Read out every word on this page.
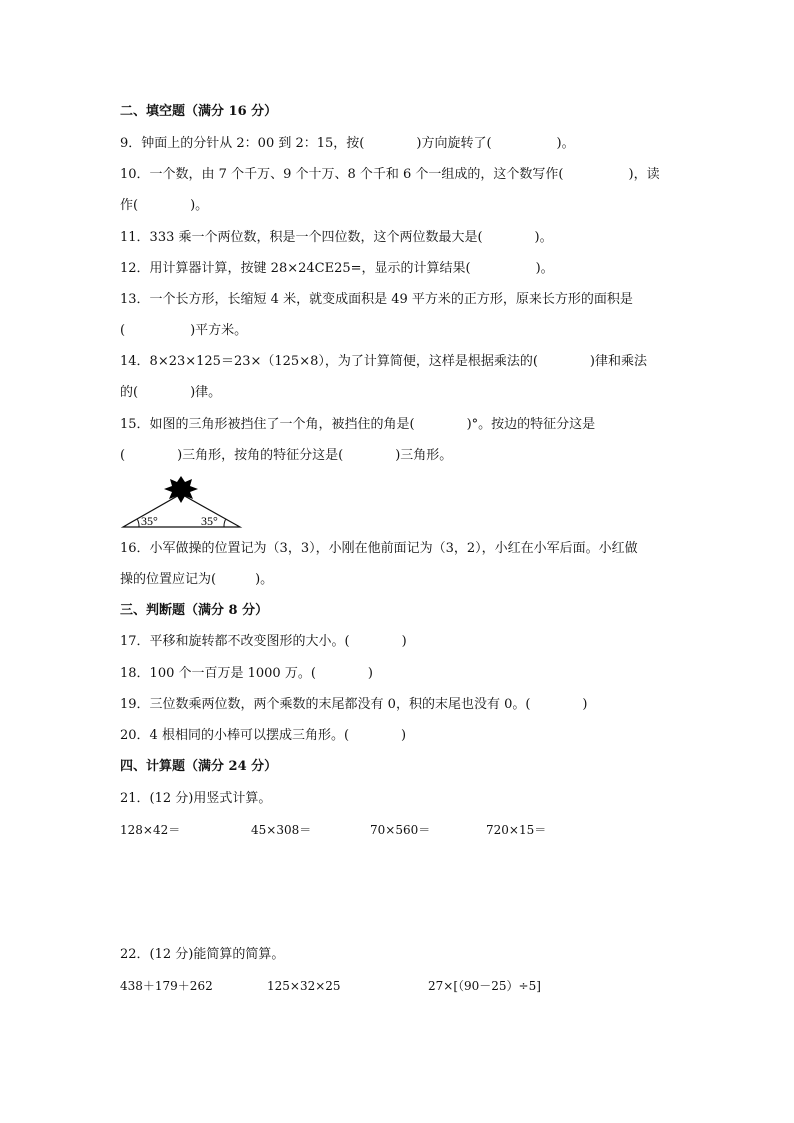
二、填空题（满分 16 分）
9．钟面上的分针从 2：00 到 2：15，按(　　　　)方向旋转了(　　　　　)。
10．一个数，由 7 个千万、9 个十万、8 个千和 6 个一组成的，这个数写作(　　　　　)，读
作(　　　　)。
11．333 乘一个两位数，积是一个四位数，这个两位数最大是(　　　　)。
12．用计算器计算，按键 28×24CE25=，显示的计算结果(　　　　　)。
13．一个长方形，长缩短 4 米，就变成面积是 49 平方米的正方形，原来长方形的面积是
(　　　　　)平方米。
14．8×23×125＝23×（125×8），为了计算简便，这样是根据乘法的(　　　　)律和乘法
的(　　　　)律。
15．如图的三角形被挡住了一个角，被挡住的角是(　　　　)°。按边的特征分这是
(　　　　)三角形，按角的特征分这是(　　　　)三角形。
35°	35°
16．小军做操的位置记为（3，3），小刚在他前面记为（3，2），小红在小军后面。小红做
操的位置应记为(　　　)。
三、判断题（满分 8 分）
17．平移和旋转都不改变图形的大小。(　　　　)
18．100 个一百万是 1000 万。(　　　　)
19．三位数乘两位数，两个乘数的末尾都没有 0，积的末尾也没有 0。(　　　　)
20．4 根相同的小棒可以摆成三角形。(　　　　)
四、计算题（满分 24 分）
21．(12 分)用竖式计算。
128×42＝	45×308＝	70×560＝	720×15＝
22．(12 分)能简算的简算。
438＋179＋262	125×32×25	27×[（90－25）÷5]
